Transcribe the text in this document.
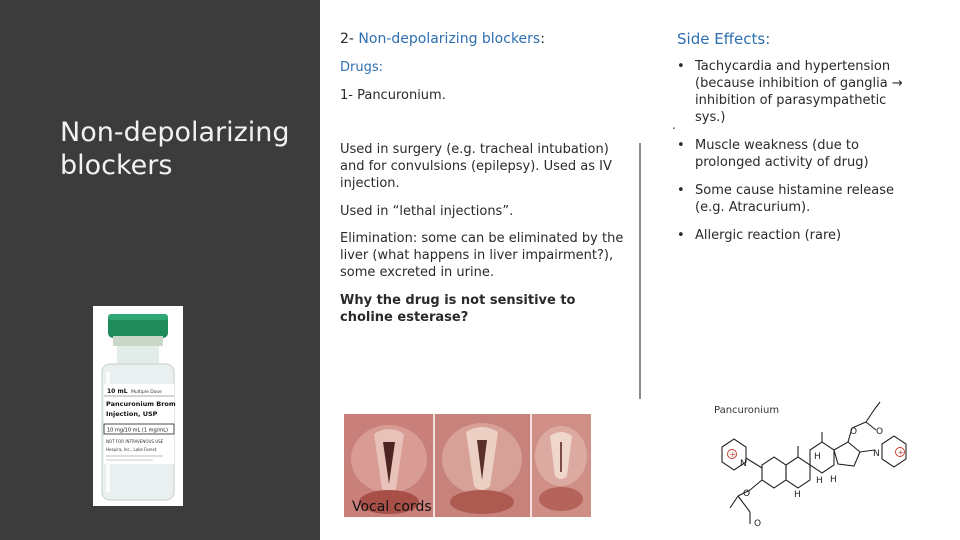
Non-depolarizing blockers
10 mL Multiple Dose
Pancuronium Brom
Injection, USP
10 mg/10 mL (1 mg/mL)
NOT FOR INTRAVENOUS USE
Hospira, Inc., Lake Forest
2- Non-depolarizing blockers:
Drugs:
1- Pancuronium.
Used in surgery (e.g. tracheal intubation) and for convulsions (epilepsy). Used as IV injection.
Used in “lethal injections”.
Elimination: some can be eliminated by the liver (what happens in liver impairment?), some excreted in urine.
Why the drug is not sensitive to choline esterase?
Side Effects:
• Tachycardia and hypertension (because inhibition of ganglia → inhibition of parasympathetic sys.)
• Muscle weakness (due to prolonged activity of drug)
• Some cause histamine release (e.g. Atracurium).
• Allergic reaction (rare)
.
Vocal cords
+	+
N
N
H
H H
H
O O
O
O
Pancuronium
